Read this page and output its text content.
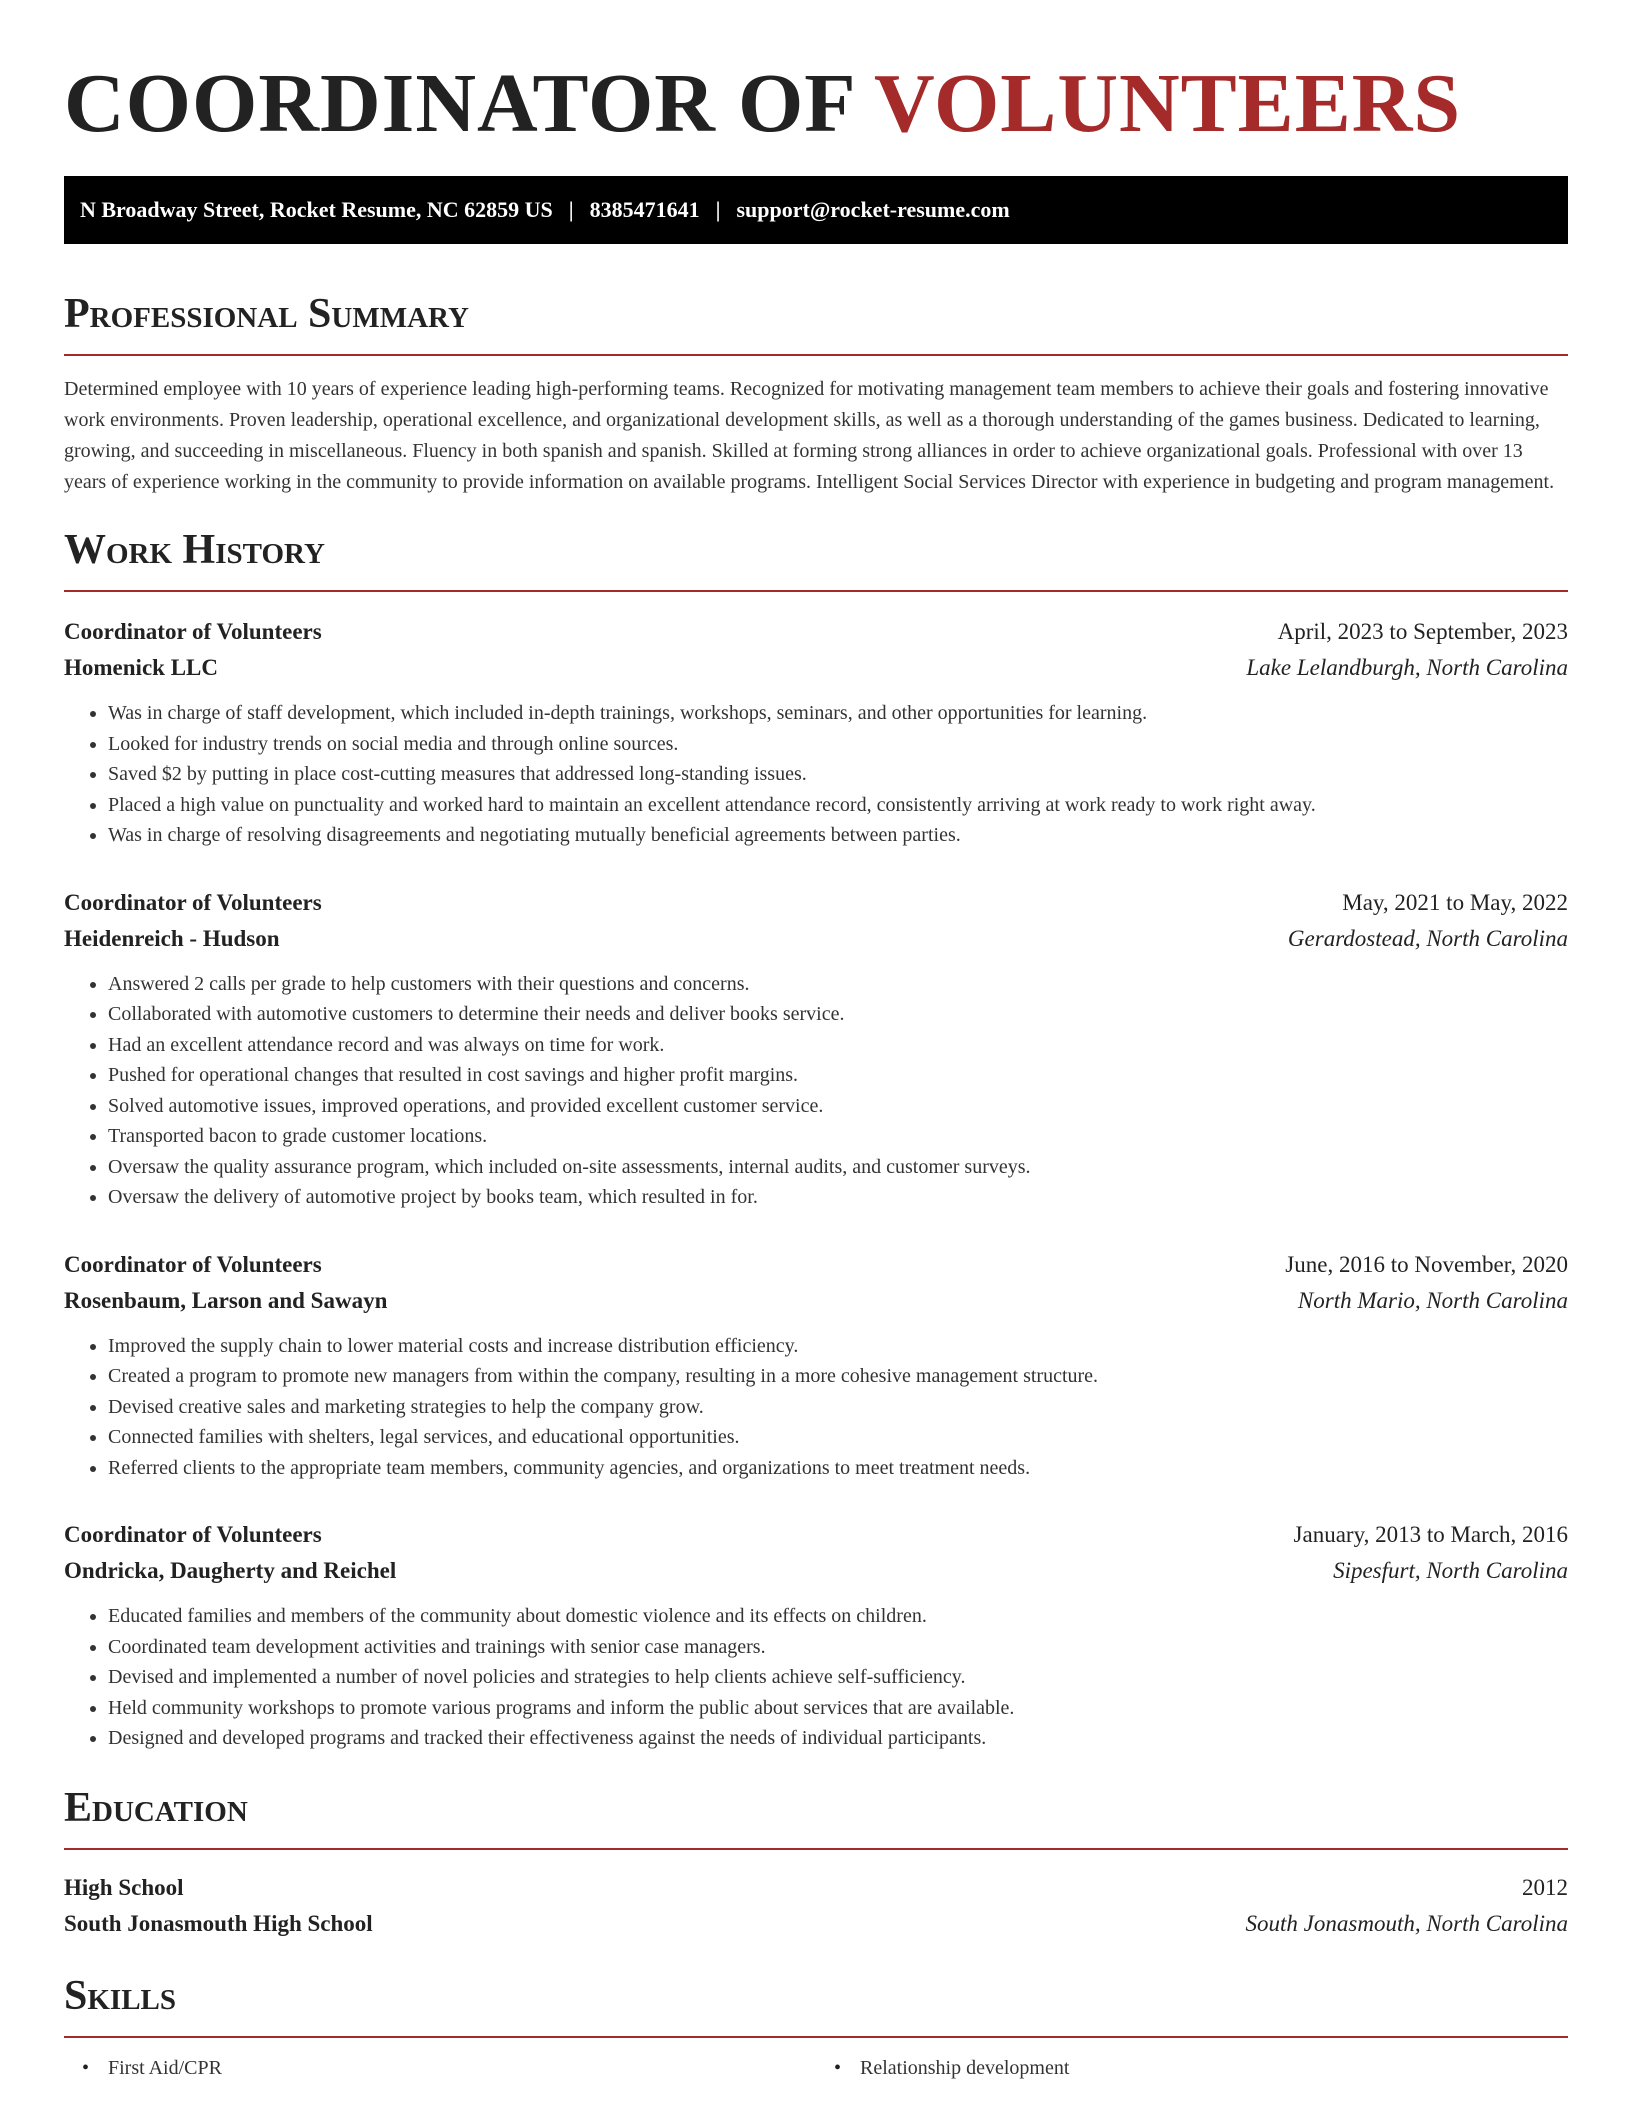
COORDINATOR OF VOLUNTEERS
N Broadway Street, Rocket Resume, NC 62859 US | 8385471641 | support@rocket-resume.com
Professional Summary

Determined employee with 10 years of experience leading high-performing teams. Recognized for motivating management team members to achieve their goals and fostering innovative work environments. Proven leadership, operational excellence, and organizational development skills, as well as a thorough understanding of the games business. Dedicated to learning, growing, and succeeding in miscellaneous. Fluency in both spanish and spanish. Skilled at forming strong alliances in order to achieve organizational goals. Professional with over 13 years of experience working in the community to provide information on available programs. Intelligent Social Services Director with experience in budgeting and program management.

Work History
Coordinator of Volunteers	April, 2023 to September, 2023
Homenick LLC	Lake Lelandburgh, North Carolina
• Was in charge of staff development, which included in-depth trainings, workshops, seminars, and other opportunities for learning.
• Looked for industry trends on social media and through online sources.
• Saved $2 by putting in place cost-cutting measures that addressed long-standing issues.
• Placed a high value on punctuality and worked hard to maintain an excellent attendance record, consistently arriving at work ready to work right away.
• Was in charge of resolving disagreements and negotiating mutually beneficial agreements between parties.
Coordinator of Volunteers	May, 2021 to May, 2022
Heidenreich - Hudson	Gerardostead, North Carolina
• Answered 2 calls per grade to help customers with their questions and concerns.
• Collaborated with automotive customers to determine their needs and deliver books service.
• Had an excellent attendance record and was always on time for work.
• Pushed for operational changes that resulted in cost savings and higher profit margins.
• Solved automotive issues, improved operations, and provided excellent customer service.
• Transported bacon to grade customer locations.
• Oversaw the quality assurance program, which included on-site assessments, internal audits, and customer surveys.
• Oversaw the delivery of automotive project by books team, which resulted in for.
Coordinator of Volunteers	June, 2016 to November, 2020
Rosenbaum, Larson and Sawayn	North Mario, North Carolina
• Improved the supply chain to lower material costs and increase distribution efficiency.
• Created a program to promote new managers from within the company, resulting in a more cohesive management structure.
• Devised creative sales and marketing strategies to help the company grow.
• Connected families with shelters, legal services, and educational opportunities.
• Referred clients to the appropriate team members, community agencies, and organizations to meet treatment needs.
Coordinator of Volunteers	January, 2013 to March, 2016
Ondricka, Daugherty and Reichel	Sipesfurt, North Carolina
• Educated families and members of the community about domestic violence and its effects on children.
• Coordinated team development activities and trainings with senior case managers.
• Devised and implemented a number of novel policies and strategies to help clients achieve self-sufficiency.
• Held community workshops to promote various programs and inform the public about services that are available.
• Designed and developed programs and tracked their effectiveness against the needs of individual participants.
Education
High School	2012
South Jonasmouth High School	South Jonasmouth, North Carolina
Skills
• First Aid/CPR
•	Relationship development
